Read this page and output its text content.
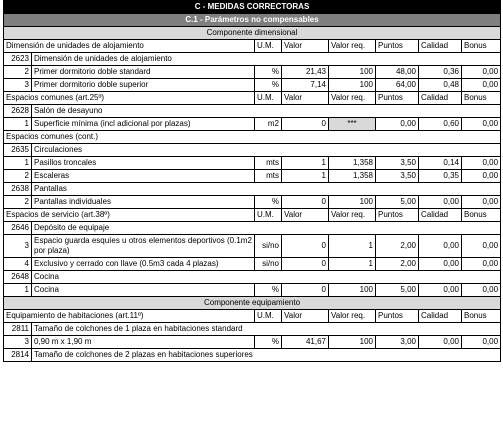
C - MEDIDAS CORRECTORAS							
C.1 - Parámetros no compensables							
Componente dimensional							
Dimensión de unidades de alojamiento		U.M.	Valor	Valor req.	Puntos	Calidad	Bonus
2623	Dimensión de unidades de alojamiento						
2	Primer dormitorio doble standard	%	21,43	100	48,00	0,36	0,00
3	Primer dormitorio doble superior	%	7,14	100	64,00	0,48	0,00
Espacios comunes (art.25º)		U.M.	Valor	Valor req.	Puntos	Calidad	Bonus
2628	Salón de desayuno						
1	Superficie mínima (incl adicional por plazas)	m2	0	***	0,00	0,60	0,00
Espacios comunes (cont.)							
2635	Circulaciones						
1	Pasillos troncales	mts	1	1,358	3,50	0,14	0,00
2	Escaleras	mts	1	1,358	3,50	0,35	0,00
2638	Pantallas						
2	Pantallas individuales	%	0	100	5,00	0,00	0,00
Espacios de servicio (art.38º)		U.M.	Valor	Valor req.	Puntos	Calidad	Bonus
2646	Depósito de equipaje						
3	Espacio guarda esquíes u otros elementos deportivos (0.1m2 por plaza)	si/no	0	1	2,00	0,00	0,00
4	Exclusivo y cerrado con llave (0.5m3 cada 4 plazas)	si/no	0	1	2,00	0,00	0,00
2648	Cocina						
1	Cocina	%	0	100	5,00	0,00	0,00
Componente equipamiento							
Equipamiento de habitaciones (art.11º)		U.M.	Valor	Valor req.	Puntos	Calidad	Bonus
2811	Tamaño de colchones de 1 plaza en habitaciones standard						
3	0,90 m x 1,90 m	%	41,67	100	3,00	0,00	0,00
2814	Tamaño de colchones de 2 plazas en habitaciones superiores						
